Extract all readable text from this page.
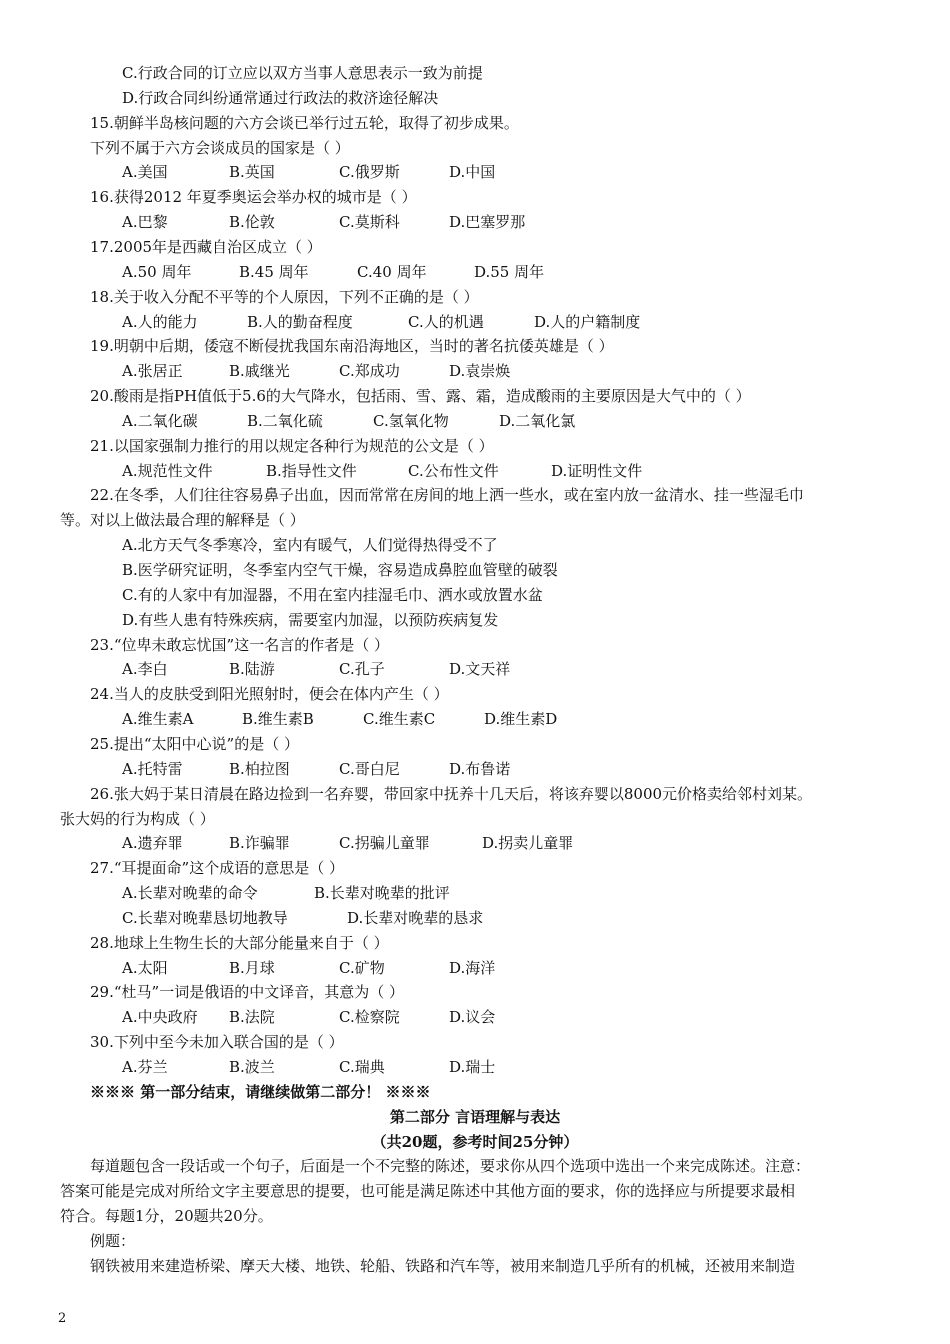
C.行政合同的订立应以双方当事人意思表示一致为前提
D.行政合同纠纷通常通过行政法的救济途径解决
15.朝鲜半岛核问题的六方会谈已举行过五轮，取得了初步成果。
下列不属于六方会谈成员的国家是（ ）
A.美国	B.英国	C.俄罗斯	D.中国
16.获得2012 年夏季奥运会举办权的城市是（ ）
A.巴黎	B.伦敦	C.莫斯科	D.巴塞罗那
17.2005年是西藏自治区成立（ ）
A.50 周年	B.45 周年	C.40 周年	D.55 周年
18.关于收入分配不平等的个人原因，下列不正确的是（ ）
A.人的能力	B.人的勤奋程度	C.人的机遇	D.人的户籍制度
19.明朝中后期，倭寇不断侵扰我国东南沿海地区，当时的著名抗倭英雄是（ ）
A.张居正	B.戚继光	C.郑成功	D.袁崇焕
20.酸雨是指PH值低于5.6的大气降水，包括雨、雪、露、霜，造成酸雨的主要原因是大气中的（ ）
A.二氧化碳	B.二氧化硫	C.氢氧化物	D.二氧化氯
21.以国家强制力推行的用以规定各种行为规范的公文是（ ）
A.规范性文件	B.指导性文件	C.公布性文件	D.证明性文件
22.在冬季，人们往往容易鼻子出血，因而常常在房间的地上洒一些水，或在室内放一盆清水、挂一些湿毛巾
等。对以上做法最合理的解释是（ ）
A.北方天气冬季寒冷，室内有暖气，人们觉得热得受不了
B.医学研究证明，冬季室内空气干燥，容易造成鼻腔血管壁的破裂
C.有的人家中有加湿器，不用在室内挂湿毛巾、洒水或放置水盆
D.有些人患有特殊疾病，需要室内加湿，以预防疾病复发
23.“位卑未敢忘忧国”这一名言的作者是（ ）
A.李白	B.陆游	C.孔子	D.文天祥
24.当人的皮肤受到阳光照射时，便会在体内产生（ ）
A.维生素A	B.维生素B	C.维生素C	D.维生素D
25.提出“太阳中心说”的是（ ）
A.托特雷	B.柏拉图	C.哥白尼	D.布鲁诺
26.张大妈于某日清晨在路边捡到一名弃婴，带回家中抚养十几天后，将该弃婴以8000元价格卖给邻村刘某。
张大妈的行为构成（ ）
A.遗弃罪	B.诈骗罪	C.拐骗儿童罪	D.拐卖儿童罪
27.“耳提面命”这个成语的意思是（ ）
A.长辈对晚辈的命令	B.长辈对晚辈的批评
C.长辈对晚辈恳切地教导	D.长辈对晚辈的恳求
28.地球上生物生长的大部分能量来自于（ ）
A.太阳	B.月球	C.矿物	D.海洋
29.“杜马”一词是俄语的中文译音，其意为（ ）
A.中央政府 B.法院	C.检察院	D.议会
30.下列中至今未加入联合国的是（ ）
A.芬兰	B.波兰	C.瑞典	D.瑞士
※※※ 第一部分结束，请继续做第二部分！ ※※※
第二部分 言语理解与表达
（共20题，参考时间25分钟）
每道题包含一段话或一个句子，后面是一个不完整的陈述，要求你从四个选项中选出一个来完成陈述。注意：
答案可能是完成对所给文字主要意思的提要，也可能是满足陈述中其他方面的要求，你的选择应与所提要求最相
符合。每题1分，20题共20分。
例题：
钢铁被用来建造桥梁、摩天大楼、地铁、轮船、铁路和汽车等，被用来制造几乎所有的机械，还被用来制造
2
